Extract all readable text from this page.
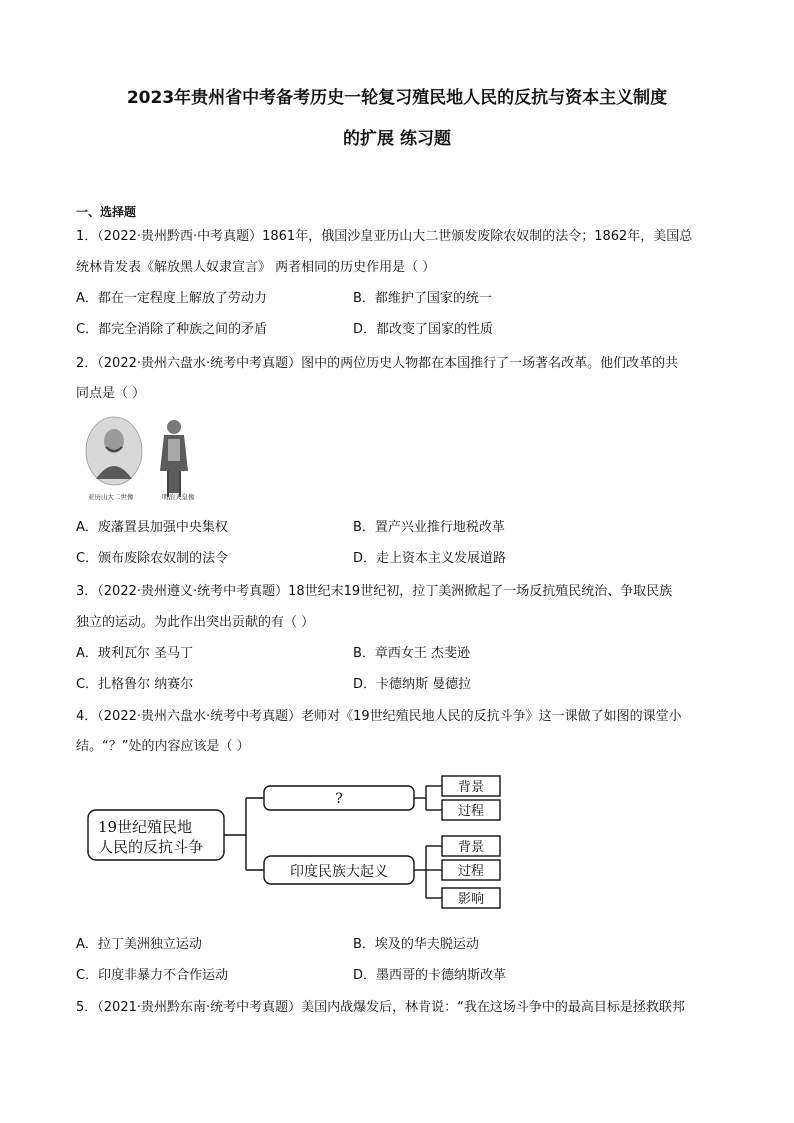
2023年贵州省中考备考历史一轮复习殖民地人民的反抗与资本主义制度
的扩展 练习题
一、选择题
1．（2022·贵州黔西·中考真题）1861年，俄国沙皇亚历山大二世颁发废除农奴制的法令；1862年，美国总
统林肯发表《解放黑人奴隶宣言》 两者相同的历史作用是（ ）
A．都在一定程度上解放了劳动力	B．都维护了国家的统一
C．都完全消除了种族之间的矛盾	D．都改变了国家的性质
2．（2022·贵州六盘水·统考中考真题）图中的两位历史人物都在本国推行了一场著名改革。他们改革的共
同点是（ ）
亚历山大二世像	明治天皇像
A．废藩置县加强中央集权	B．置产兴业推行地税改革
C．颁布废除农奴制的法令	D．走上资本主义发展道路
3．（2022·贵州遵义·统考中考真题）18世纪末19世纪初，拉丁美洲掀起了一场反抗殖民统治、争取民族
独立的运动。为此作出突出贡献的有（ ）
A．玻利瓦尔 圣马丁	B．章西女王 杰斐逊
C．扎格鲁尔 纳赛尔	D．卡德纳斯 曼德拉
4．（2022·贵州六盘水·统考中考真题）老师对《19世纪殖民地人民的反抗斗争》这一课做了如图的课堂小
结。“？”处的内容应该是（ ）
19世纪殖民地
人民的反抗斗争
?
印度民族大起义
背景
过程
背景
过程
影响
A．拉丁美洲独立运动	B．埃及的华夫脱运动
C．印度非暴力不合作运动	D．墨西哥的卡德纳斯改革
5．（2021·贵州黔东南·统考中考真题）美国内战爆发后，林肯说：“我在这场斗争中的最高目标是拯救联邦
